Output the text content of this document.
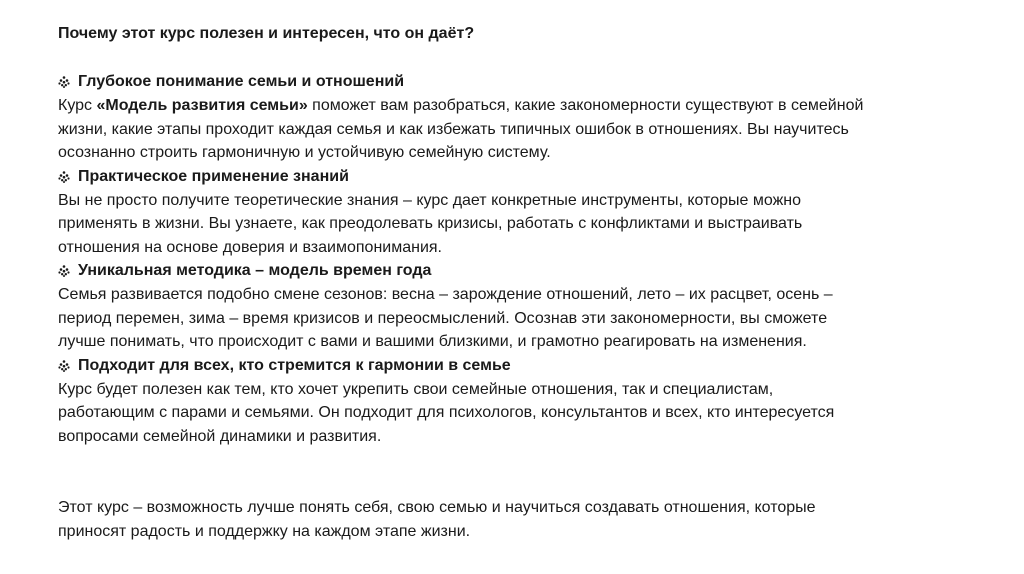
Почему этот курс полезен и интересен, что он даёт?

Глубокое понимание семьи и отношений
Курс «Модель развития семьи» поможет вам разобраться, какие закономерности существуют в семейной
жизни, какие этапы проходит каждая семья и как избежать типичных ошибок в отношениях. Вы научитесь
осознанно строить гармоничную и устойчивую семейную систему.
Практическое применение знаний
Вы не просто получите теоретические знания – курс дает конкретные инструменты, которые можно
применять в жизни. Вы узнаете, как преодолевать кризисы, работать с конфликтами и выстраивать
отношения на основе доверия и взаимопонимания.
Уникальная методика – модель времен года
Семья развивается подобно смене сезонов: весна – зарождение отношений, лето – их расцвет, осень –
период перемен, зима – время кризисов и переосмыслений. Осознав эти закономерности, вы сможете
лучше понимать, что происходит с вами и вашими близкими, и грамотно реагировать на изменения.
Подходит для всех, кто стремится к гармонии в семье
Курс будет полезен как тем, кто хочет укрепить свои семейные отношения, так и специалистам,
работающим с парами и семьями. Он подходит для психологов, консультантов и всех, кто интересуется
вопросами семейной динамики и развития.
Этот курс – возможность лучше понять себя, свою семью и научиться создавать отношения, которые
приносят радость и поддержку на каждом этапе жизни.
